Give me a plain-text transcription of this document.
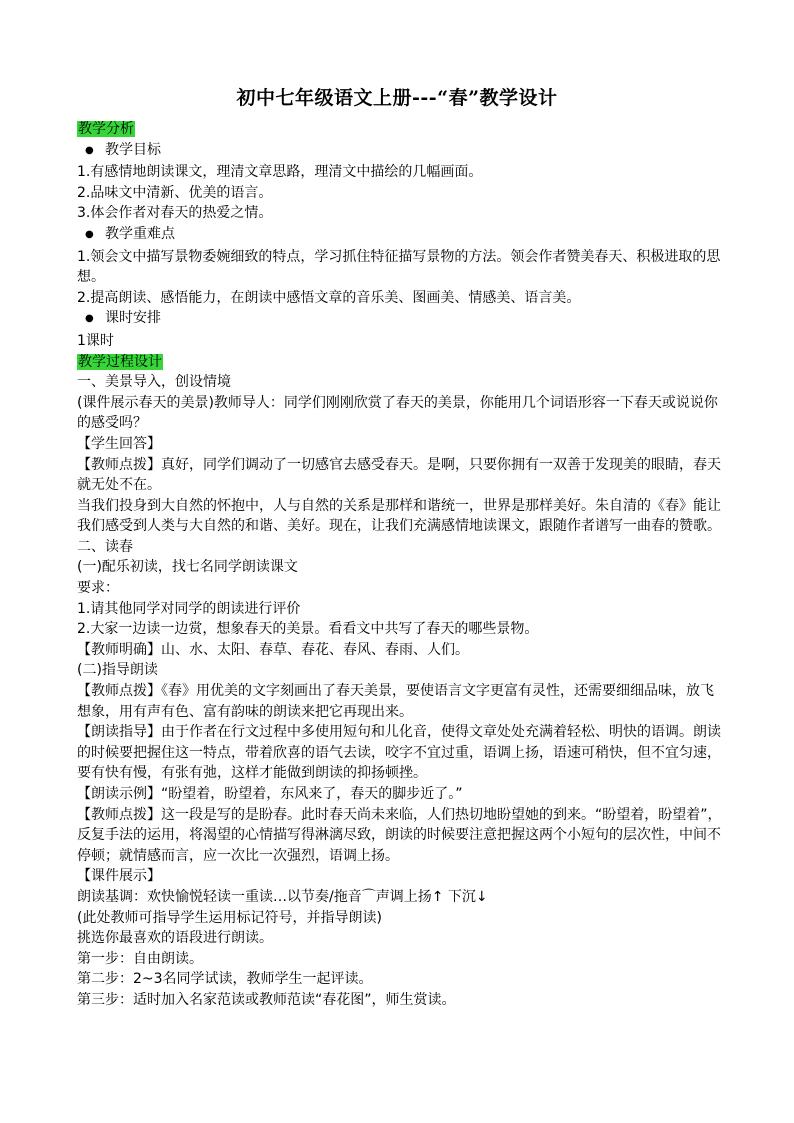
初中七年级语文上册---“春”教学设计

教学分析

● 教学目标

1.有感情地朗读课文，理清文章思路，理清文中描绘的几幅画面。

2.品味文中清新、优美的语言。

3.体会作者对春天的热爱之情。

● 教学重难点

1.领会文中描写景物委婉细致的特点，学习抓住特征描写景物的方法。领会作者赞美春天、积极进取的思想。

2.提高朗读、感悟能力，在朗读中感悟文章的音乐美、图画美、情感美、语言美。

● 课时安排

1课时

教学过程设计

一、美景导入，创设情境

(课件展示春天的美景)教师导人：同学们刚刚欣赏了春天的美景，你能用几个词语形容一下春天或说说你的感受吗？

【学生回答】

【教师点拨】真好，同学们调动了一切感官去感受春天。是啊，只要你拥有一双善于发现美的眼睛，春天就无处不在。

当我们投身到大自然的怀抱中，人与自然的关系是那样和谐统一，世界是那样美好。朱自清的《春》能让我们感受到人类与大自然的和谐、美好。现在，让我们充满感情地读课文，跟随作者谱写一曲春的赞歌。

二、读春

(一)配乐初读，找七名同学朗读课文

要求：

1.请其他同学对同学的朗读进行评价

2.大家一边读一边赏，想象春天的美景。看看文中共写了春天的哪些景物。

【教师明确】山、水、太阳、春草、春花、春风、春雨、人们。

(二)指导朗读

【教师点拨】《春》用优美的文字刻画出了春天美景，要使语言文字更富有灵性，还需要细细品味，放飞想象，用有声有色、富有韵味的朗读来把它再现出来。

【朗读指导】由于作者在行文过程中多使用短句和儿化音，使得文章处处充满着轻松、明快的语调。朗读的时候要把握住这一特点，带着欣喜的语气去读，咬字不宜过重，语调上扬，语速可稍快，但不宜匀速，要有快有慢，有张有弛，这样才能做到朗读的抑扬顿挫。

【朗读示例】“盼望着，盼望着，东风来了，春天的脚步近了。”

【教师点拨】这一段是写的是盼春。此时春天尚未来临，人们热切地盼望她的到来。“盼望着，盼望着”，反复手法的运用，将渴望的心情描写得淋漓尽致，朗读的时候要注意把握这两个小短句的层次性，中间不停顿；就情感而言，应一次比一次强烈，语调上扬。

【课件展示】

朗读基调：欢快愉悦轻读一重读…以节奏/拖音⌒声调上扬↑ 下沉↓

(此处教师可指导学生运用标记符号，并指导朗读)

挑选你最喜欢的语段进行朗读。

第一步：自由朗读。

第二步：2~3名同学试读，教师学生一起评读。

第三步：适时加入名家范读或教师范读“春花图”，师生赏读。
